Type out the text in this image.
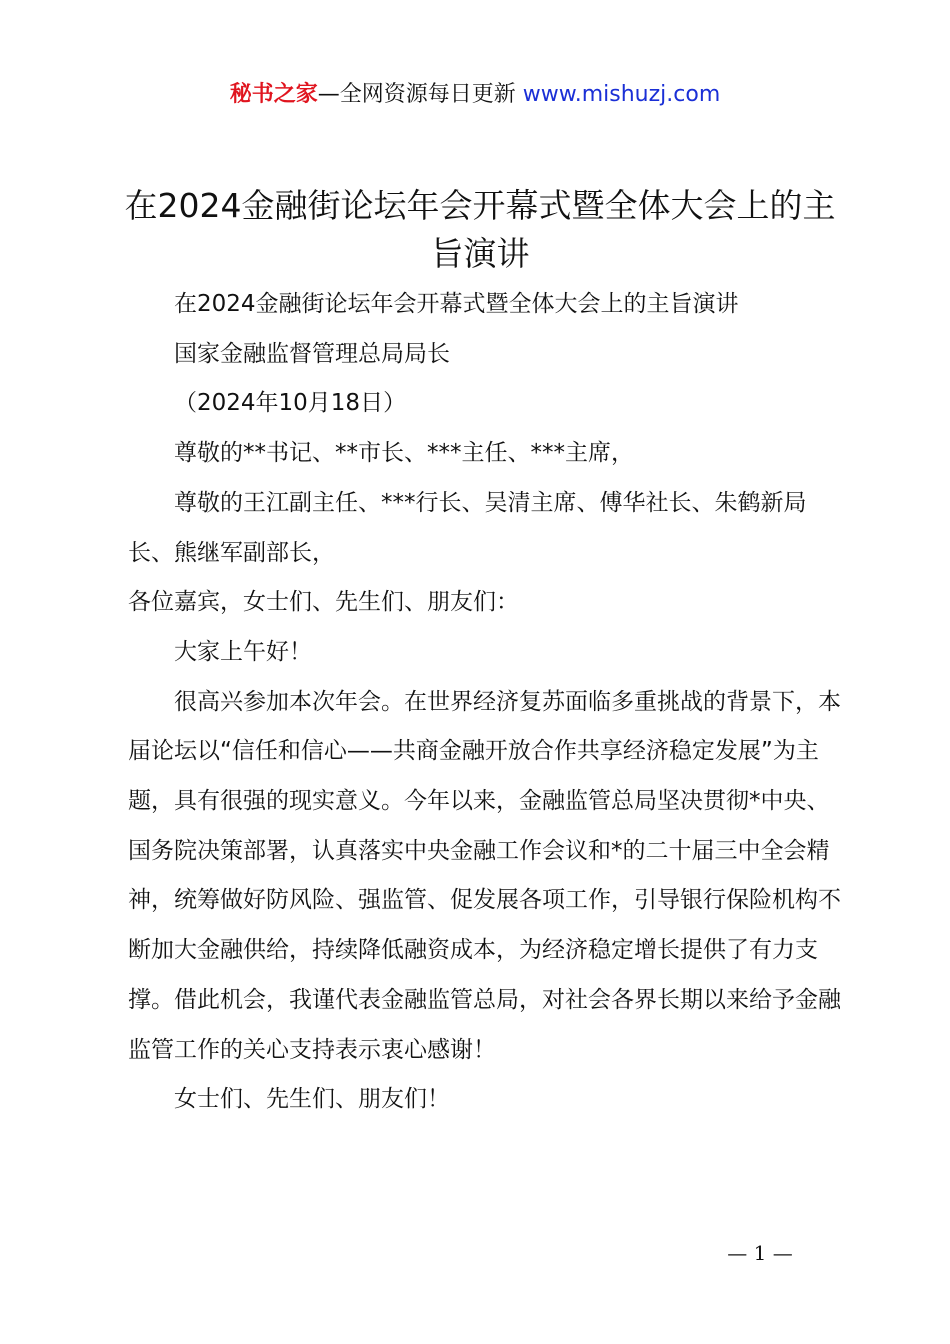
秘书之家—全网资源每日更新 www.mishuzj.com
在2024金融街论坛年会开幕式暨全体大会上的主旨演讲

在2024金融街论坛年会开幕式暨全体大会上的主旨演讲

国家金融监督管理总局局长

（2024年10月18日）

尊敬的**书记、**市长、***主任、***主席，

尊敬的王江副主任、***行长、吴清主席、傅华社长、朱鹤新局长、熊继军副部长，

各位嘉宾，女士们、先生们、朋友们：

大家上午好！

很高兴参加本次年会。在世界经济复苏面临多重挑战的背景下，本届论坛以“信任和信心——共商金融开放合作共享经济稳定发展”为主题，具有很强的现实意义。今年以来，金融监管总局坚决贯彻*中央、国务院决策部署，认真落实中央金融工作会议和*的二十届三中全会精神，统筹做好防风险、强监管、促发展各项工作，引导银行保险机构不断加大金融供给，持续降低融资成本，为经济稳定增长提供了有力支撑。借此机会，我谨代表金融监管总局，对社会各界长期以来给予金融监管工作的关心支持表示衷心感谢！

女士们、先生们、朋友们！

— 1 —
